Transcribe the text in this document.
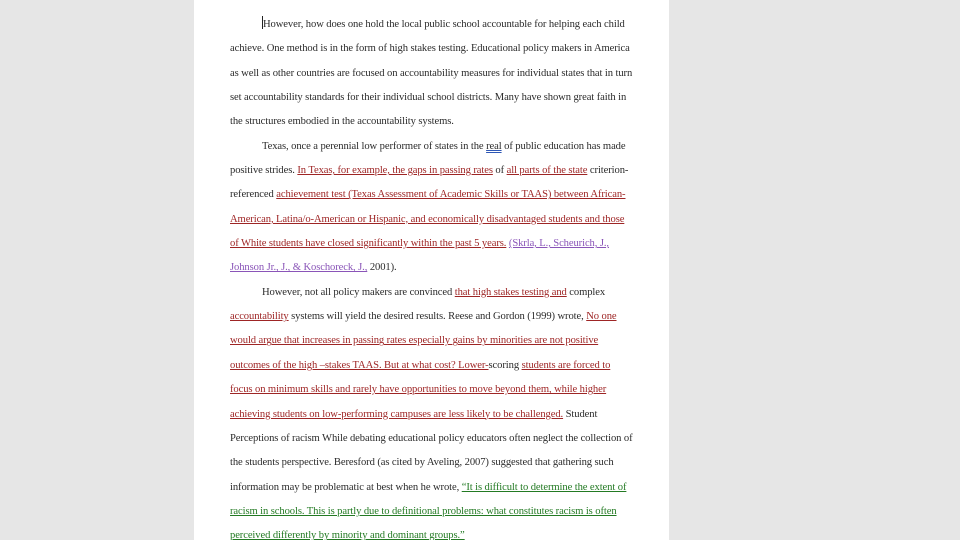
However, how does one hold the local public school accountable for helping each child
achieve. One method is in the form of high stakes testing. Educational policy makers in America
as well as other countries are focused on accountability measures for individual states that in turn
set accountability standards for their individual school districts. Many have shown great faith in
the structures embodied in the accountability systems.
Texas, once a perennial low performer of states in the real of public education has made
positive strides. In Texas, for example, the gaps in passing rates of all parts of the state criterion-
referenced achievement test (Texas Assessment of Academic Skills or TAAS) between African-
American, Latina/o-American or Hispanic, and economically disadvantaged students and those
of White students have closed significantly within the past 5 years. (Skrla, L., Scheurich, J.,
Johnson Jr., J., & Koschoreck, J., 2001).
However, not all policy makers are convinced that high stakes testing and complex
accountability systems will yield the desired results. Reese and Gordon (1999) wrote, No one
would argue that increases in passing rates especially gains by minorities are not positive
outcomes of the high –stakes TAAS. But at what cost? Lower-scoring students are forced to
focus on minimum skills and rarely have opportunities to move beyond them, while higher
achieving students on low-performing campuses are less likely to be challenged. Student
Perceptions of racism While debating educational policy educators often neglect the collection of
the students perspective. Beresford (as cited by Aveling, 2007) suggested that gathering such
information may be problematic at best when he wrote, “It is difficult to determine the extent of
racism in schools. This is partly due to definitional problems: what constitutes racism is often
perceived differently by minority and dominant groups.”
